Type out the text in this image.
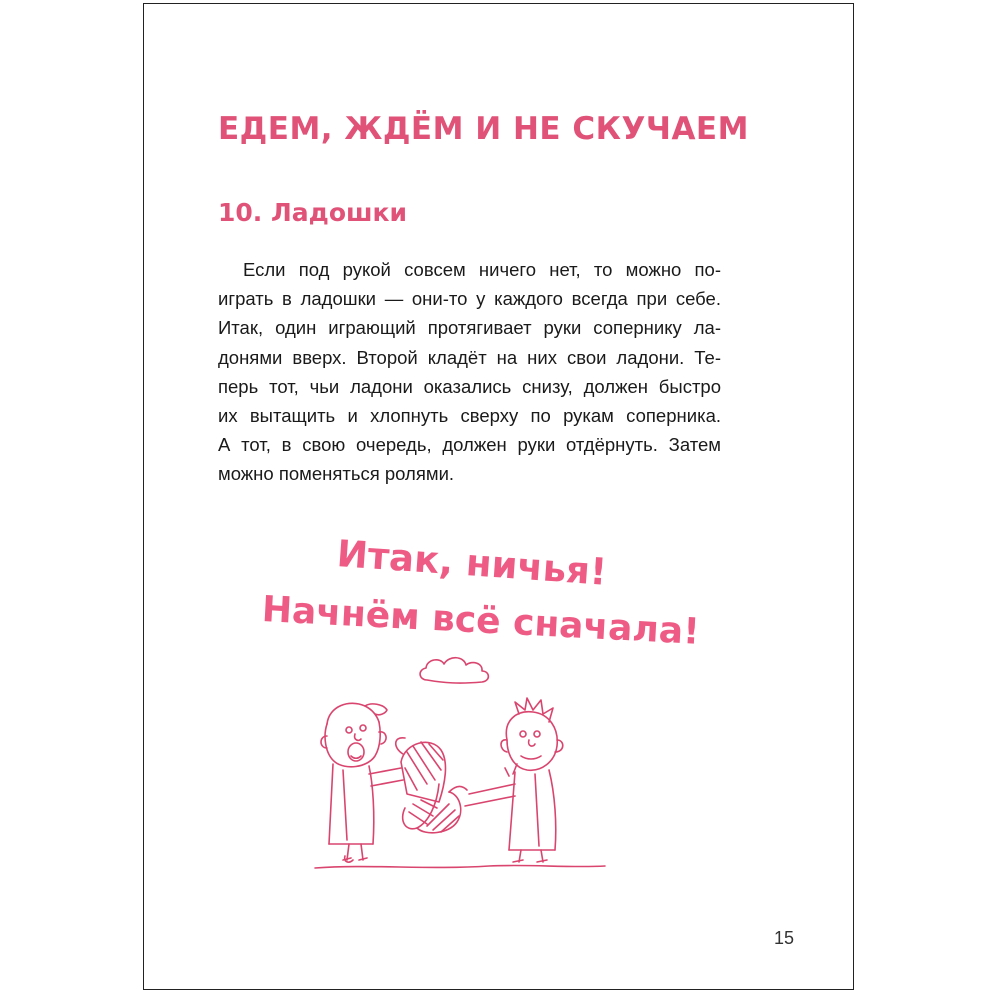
ЕДЕМ, ЖДЁМ И НЕ СКУЧАЕМ
10. Ладошки
Если под рукой совсем ничего нет, то можно по-
играть в ладошки — они-то у каждого всегда при себе.
Итак, один играющий протягивает руки сопернику ла-
донями вверх. Второй кладёт на них свои ладони. Те-
перь тот, чьи ладони оказались снизу, должен быстро
их вытащить и хлопнуть сверху по рукам соперника.
А тот, в свою очередь, должен руки отдёрнуть. Затем
можно поменяться ролями.

Итак, ничья!

Начнём всё сначала!

15
